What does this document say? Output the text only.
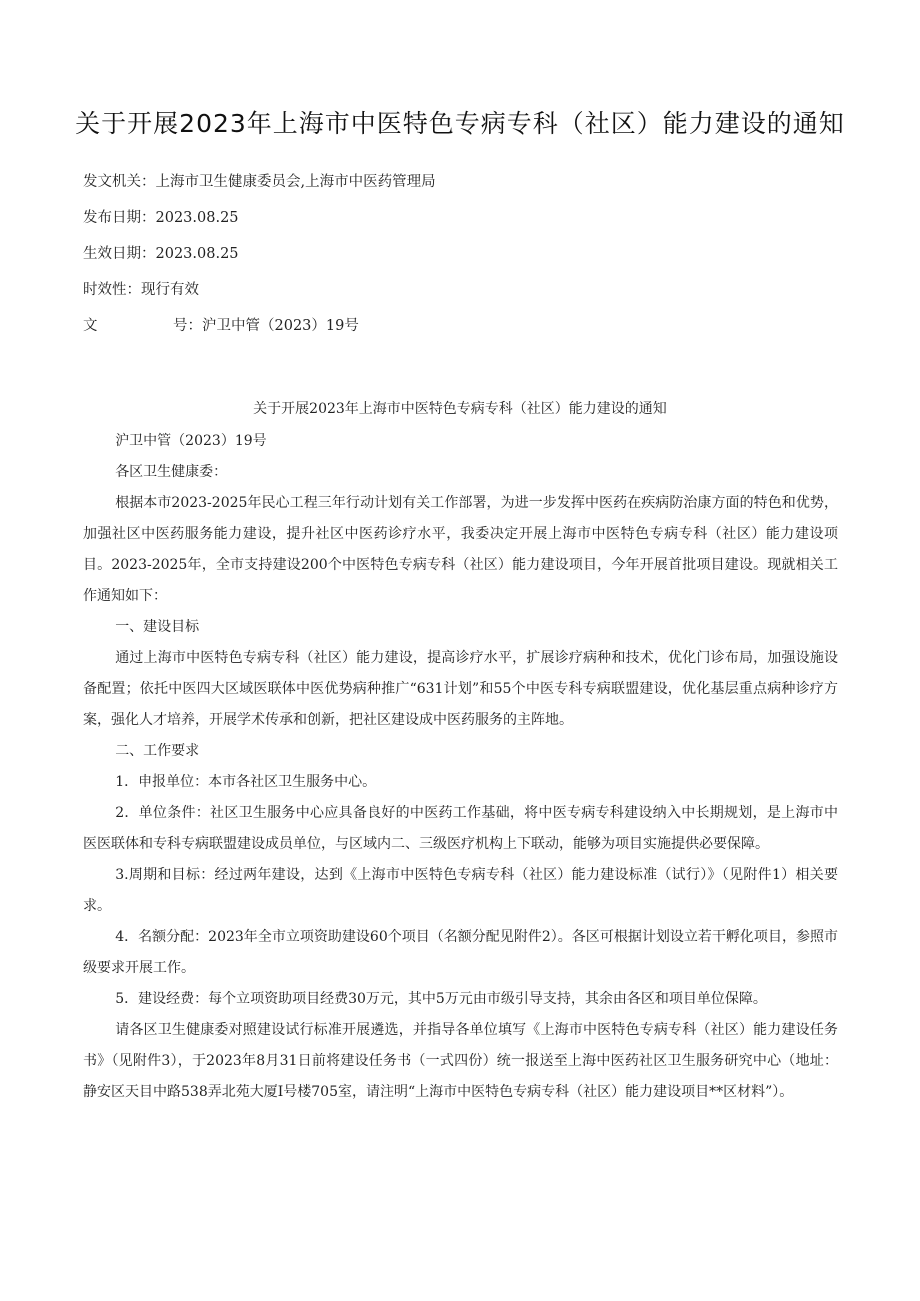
关于开展2023年上海市中医特色专病专科（社区）能力建设的通知
发文机关：上海市卫生健康委员会,上海市中医药管理局
发布日期：2023.08.25
生效日期：2023.08.25
时效性：现行有效
文	号：沪卫中管（2023）19号
关于开展2023年上海市中医特色专病专科（社区）能力建设的通知

沪卫中管（2023）19号

各区卫生健康委：

根据本市2023-2025年民心工程三年行动计划有关工作部署，为进一步发挥中医药在疾病防治康方面的特色和优势，加强社区中医药服务能力建设，提升社区中医药诊疗水平，我委决定开展上海市中医特色专病专科（社区）能力建设项目。2023-2025年，全市支持建设200个中医特色专病专科（社区）能力建设项目，今年开展首批项目建设。现就相关工作通知如下：

一、建设目标

通过上海市中医特色专病专科（社区）能力建设，提高诊疗水平，扩展诊疗病种和技术，优化门诊布局，加强设施设备配置；依托中医四大区域医联体中医优势病种推广“631计划”和55个中医专科专病联盟建设，优化基层重点病种诊疗方案，强化人才培养，开展学术传承和创新，把社区建设成中医药服务的主阵地。

二、工作要求

1．申报单位：本市各社区卫生服务中心。

2．单位条件：社区卫生服务中心应具备良好的中医药工作基础，将中医专病专科建设纳入中长期规划，是上海市中医医联体和专科专病联盟建设成员单位，与区域内二、三级医疗机构上下联动，能够为项目实施提供必要保障。

3.周期和目标：经过两年建设，达到《上海市中医特色专病专科（社区）能力建设标准（试行）》（见附件1）相关要求。

4．名额分配：2023年全市立项资助建设60个项目（名额分配见附件2）。各区可根据计划设立若干孵化项目，参照市级要求开展工作。

5．建设经费：每个立项资助项目经费30万元，其中5万元由市级引导支持，其余由各区和项目单位保障。

请各区卫生健康委对照建设试行标准开展遴选，并指导各单位填写《上海市中医特色专病专科（社区）能力建设任务书》（见附件3），于2023年8月31日前将建设任务书（一式四份）统一报送至上海中医药社区卫生服务研究中心（地址：静安区天目中路538弄北苑大厦I号楼705室，请注明“上海市中医特色专病专科（社区）能力建设项目**区材料”）。
